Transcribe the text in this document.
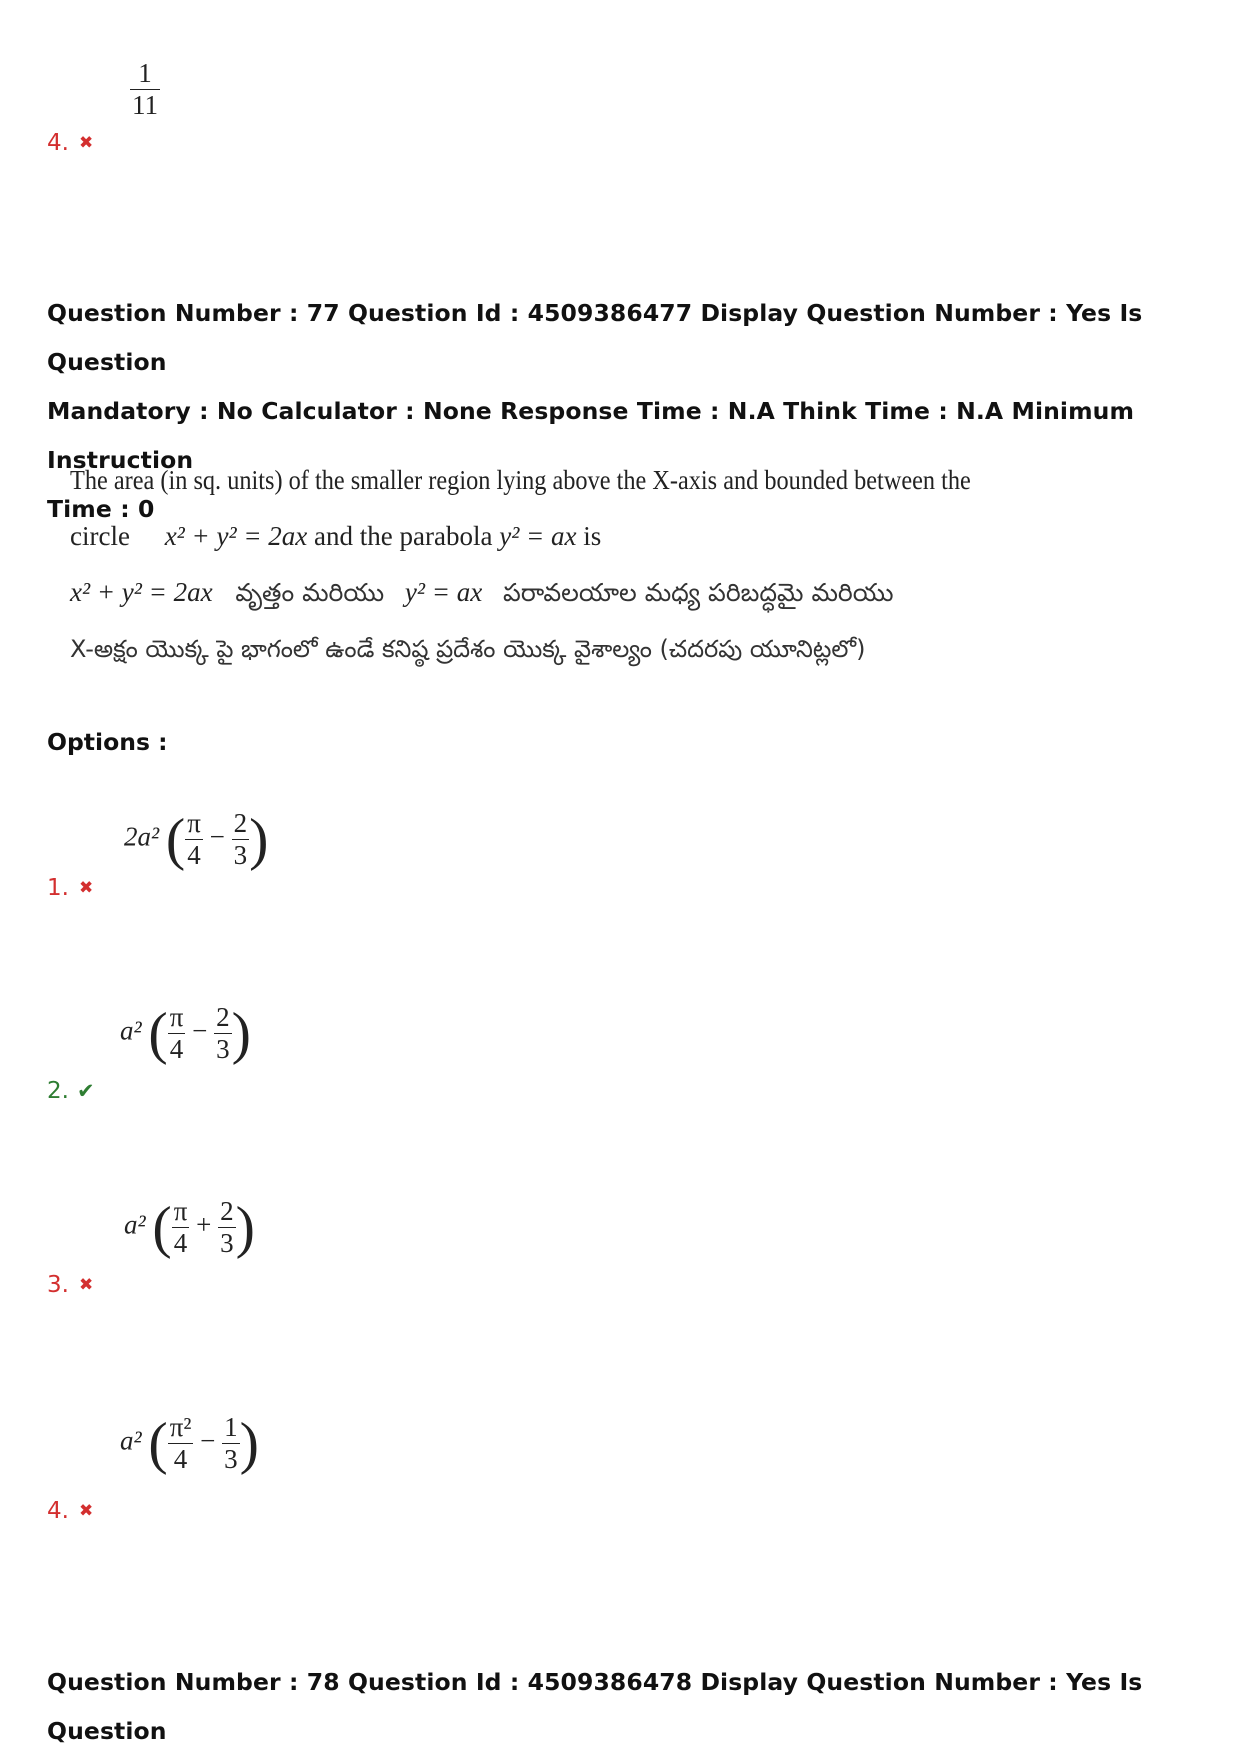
$\frac{1}{11}$
4. ✖
Question Number : 77 Question Id : 4509386477 Display Question Number : Yes Is Question
Mandatory : No Calculator : None Response Time : N.A Think Time : N.A Minimum Instruction
Time : 0
The area (in sq. units) of the smaller region lying above the X-axis and bounded between the
circle x² + y² = 2ax and the parabola y² = ax is
x² + y² = 2ax వృత్తం మరియు y² = ax పరావలయాల మధ్య పరిబద్ధమై మరియు
X-అక్షం యొక్క పై భాగంలో ఉండే కనిష్ఠ ప్రదేశం యొక్క వైశాల్యం (చదరపు యూనిట్లలో)
Options :
2a² ( $\frac{\pi}{4} - \frac{2}{3}$ )
1. ✖
a² ( $\frac{\pi}{4} - \frac{2}{3}$ )
2. ✔
a² ( $\frac{\pi}{4} + \frac{2}{3}$ )
3. ✖
a² ( $\frac{\text{π²}}{4} - \frac{1}{3}$ )
4. ✖
Question Number : 78 Question Id : 4509386478 Display Question Number : Yes Is Question
